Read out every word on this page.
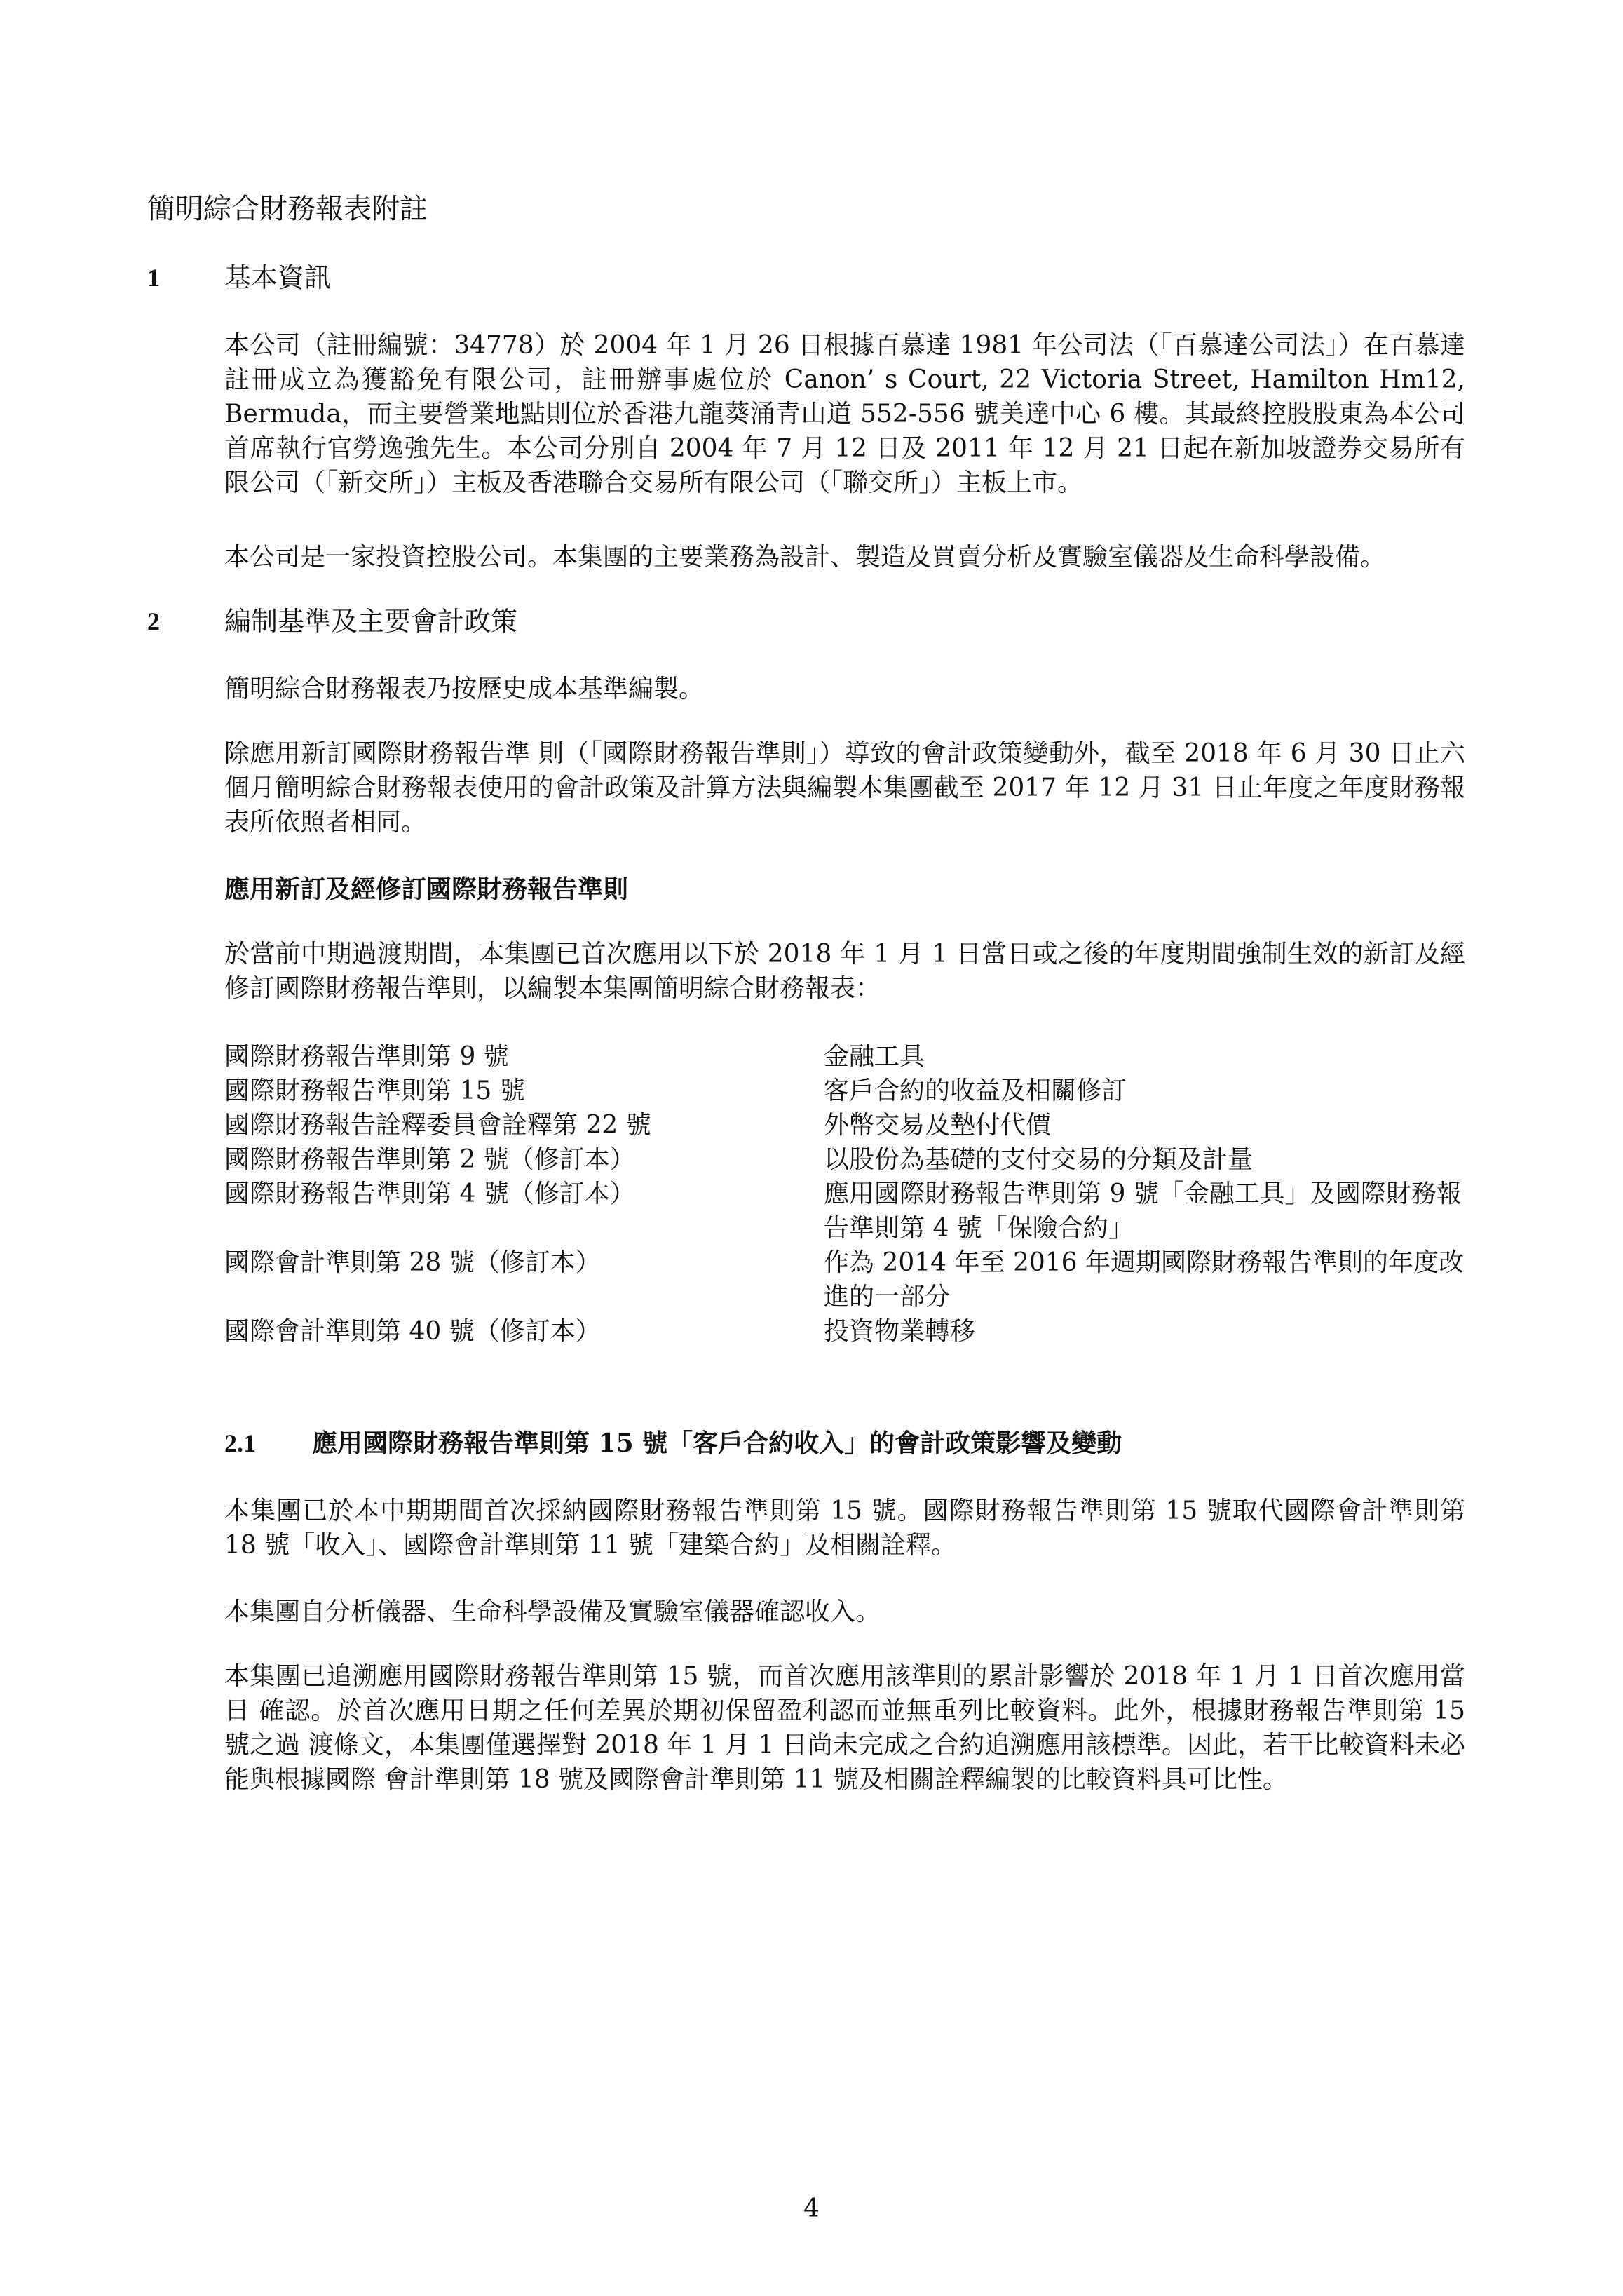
簡明綜合財務報表附註
1 基本資訊

本公司（註冊編號：34778）於 2004 年 1 月 26 日根據百慕達 1981 年公司法（「百慕達公司法」）在百慕達註冊成立為獲豁免有限公司，註冊辦事處位於 Canon’ s Court, 22 Victoria Street, Hamilton Hm12, Bermuda，而主要營業地點則位於香港九龍葵涌青山道 552-556 號美達中心 6 樓。其最終控股股東為本公司首席執行官勞逸強先生。本公司分別自 2004 年 7 月 12 日及 2011 年 12 月 21 日起在新加坡證券交易所有限公司（「新交所」）主板及香港聯合交易所有限公司（「聯交所」）主板上市。

本公司是一家投資控股公司。本集團的主要業務為設計、製造及買賣分析及實驗室儀器及生命科學設備。

2 編制基準及主要會計政策

簡明綜合財務報表乃按歷史成本基準編製。

除應用新訂國際財務報告準 則（「國際財務報告準則」）導致的會計政策變動外，截至 2018 年 6 月 30 日止六個月簡明綜合財務報表使用的會計政策及計算方法與編製本集團截至 2017 年 12 月 31 日止年度之年度財務報表所依照者相同。

應用新訂及經修訂國際財務報告準則

於當前中期過渡期間，本集團已首次應用以下於 2018 年 1 月 1 日當日或之後的年度期間強制生效的新訂及經 修訂國際財務報告準則，以編製本集團簡明綜合財務報表：

國際財務報告準則第 9 號	金融工具
國際財務報告準則第 15 號	客戶合約的收益及相關修訂
國際財務報告詮釋委員會詮釋第 22 號	外幣交易及墊付代價
國際財務報告準則第 2 號（修訂本）	以股份為基礎的支付交易的分類及計量
國際財務報告準則第 4 號（修訂本）	應用國際財務報告準則第 9 號「金融工具」及國際財務報告準則第 4 號「保險合約」
國際會計準則第 28 號（修訂本）	作為 2014 年至 2016 年週期國際財務報告準則的年度改進的一部分
國際會計準則第 40 號（修訂本）	投資物業轉移
2.1 應用國際財務報告準則第 15 號「客戶合約收入」的會計政策影響及變動

本集團已於本中期期間首次採納國際財務報告準則第 15 號。國際財務報告準則第 15 號取代國際會計準則第 18 號「收入」、國際會計準則第 11 號「建築合約」及相關詮釋。

本集團自分析儀器、生命科學設備及實驗室儀器確認收入。

本集團已追溯應用國際財務報告準則第 15 號，而首次應用該準則的累計影響於 2018 年 1 月 1 日首次應用當日 確認。於首次應用日期之任何差異於期初保留盈利認而並無重列比較資料。此外，根據財務報告準則第 15 號之過 渡條文，本集團僅選擇對 2018 年 1 月 1 日尚未完成之合約追溯應用該標準。因此，若干比較資料未必能與根據國際 會計準則第 18 號及國際會計準則第 11 號及相關詮釋編製的比較資料具可比性。

4
